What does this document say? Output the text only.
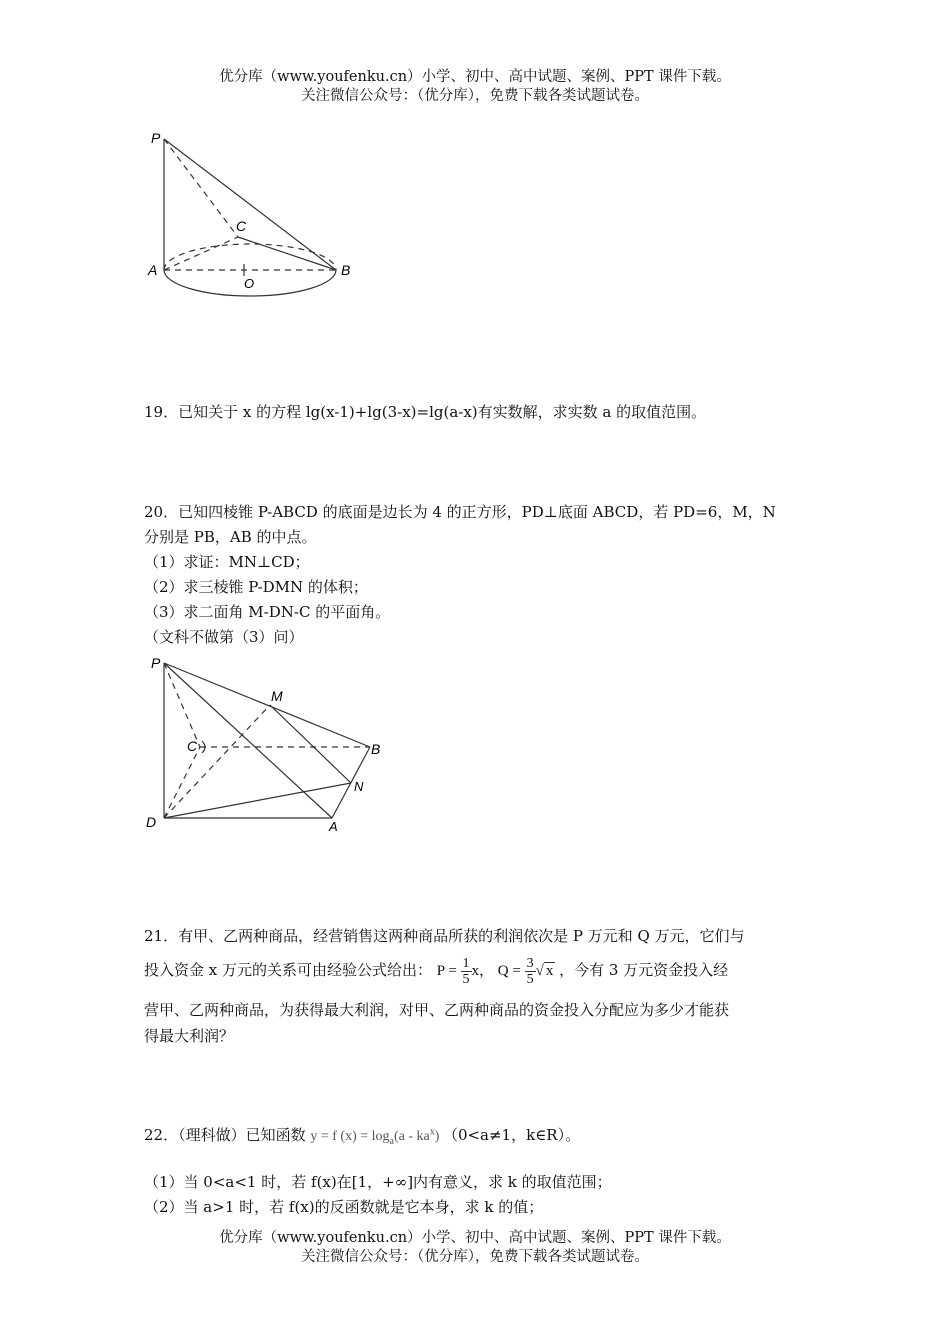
优分库（www.youfenku.cn）小学、初中、高中试题、案例、PPT 课件下载。
关注微信公众号：（优分库），免费下载各类试题试卷。
P
C
A
O
B
19．已知关于 x 的方程 lg(x-1)+lg(3-x)=lg(a-x)有实数解，求实数 a 的取值范围。
20．已知四棱锥 P-ABCD 的底面是边长为 4 的正方形，PD⊥底面 ABCD，若 PD=6，M，N
分别是 PB，AB 的中点。
（1）求证：MN⊥CD；
（2）求三棱锥 P-DMN 的体积；
（3）求二面角 M-DN-C 的平面角。
（文科不做第（3）问）
P
M
C	B
N
D	A
21．有甲、乙两种商品，经营销售这两种商品所获的利润依次是 P 万元和 Q 万元，它们与
投入资金 x 万元的关系可由经验公式给出： $P = \frac{1}{5}$ x， $Q = \frac{3}{5}$ √ x ，今有 3 万元资金投入经
营甲、乙两种商品，为获得最大利润，对甲、乙两种商品的资金投入分配应为多少才能获
得最大利润？
22．（理科做）已知函数 y = f $(x) = \log_a(a - ka^x)$ （0<a≠1，k∈R）。
（1）当 0<a<1 时，若 f(x)在[1，+∞]内有意义，求 k 的取值范围；
（2）当 a>1 时，若 f(x)的反函数就是它本身，求 k 的值；
优分库（www.youfenku.cn）小学、初中、高中试题、案例、PPT 课件下载。
关注微信公众号：（优分库），免费下载各类试题试卷。
